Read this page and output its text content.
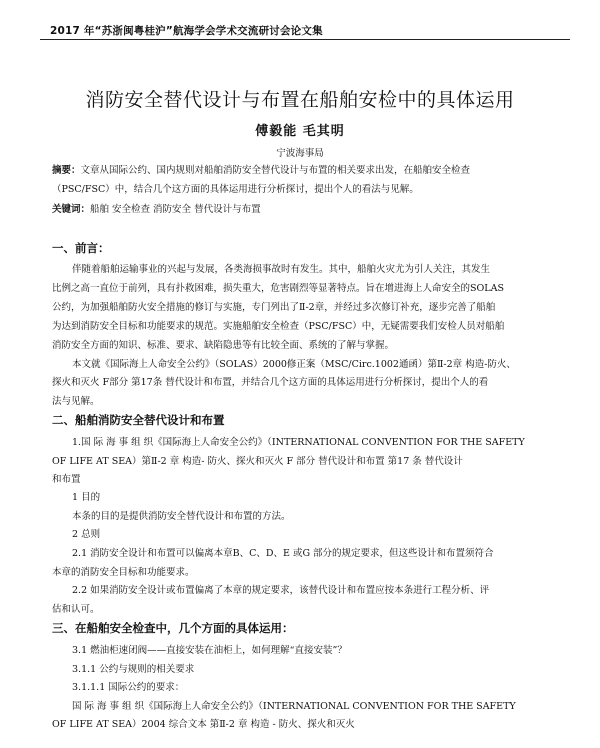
2017 年“苏浙闽粤桂沪”航海学会学术交流研讨会论文集
消防安全替代设计与布置在船舶安检中的具体运用
傅毅能 毛其明
宁波海事局
摘要：文章从国际公约、国内规则对船舶消防安全替代设计与布置的相关要求出发，在船舶安全检查
（PSC/FSC）中，结合几个这方面的具体运用进行分析探讨，提出个人的看法与见解。
关键词：船舶 安全检查 消防安全 替代设计与布置
一、前言：
伴随着船舶运输事业的兴起与发展，各类海损事故时有发生。其中，船舶火灾尤为引人关注，其发生
比例之高一直位于前列，具有扑救困难，损失重大，危害剧烈等显著特点。旨在增进海上人命安全的SOLAS
公约，为加强船舶防火安全措施的修订与实施，专门列出了Ⅱ-2章，并经过多次修订补充，逐步完善了船舶
为达到消防安全目标和功能要求的规范。实施船舶安全检查（PSC/FSC）中，无疑需要我们安检人员对船舶
消防安全方面的知识、标准、要求、缺陷隐患等有比较全面、系统的了解与掌握。
本文就《国际海上人命安全公约》（SOLAS）2000修正案（MSC/Circ.1002通函）第Ⅱ-2章 构造-防火、
探火和灭火 F部分 第17条 替代设计和布置，并结合几个这方面的具体运用进行分析探讨，提出个人的看
法与见解。
二、船舶消防安全替代设计和布置
1.国 际 海 事 组 织《国际海上人命安全公约》（INTERNATIONAL CONVENTION FOR THE SAFETY
OF LIFE AT SEA）第Ⅱ-2 章 构造- 防火、探火和灭火 F 部分 替代设计和布置 第17 条 替代设计
和布置
1 目的
本条的目的是提供消防安全替代设计和布置的方法。
2 总则
2.1 消防安全设计和布置可以偏离本章B、C、D、E 或G 部分的规定要求，但这些设计和布置须符合
本章的消防安全目标和功能要求。
2.2 如果消防安全设计或布置偏离了本章的规定要求，该替代设计和布置应按本条进行工程分析、评
估和认可。
三、在船舶安全检查中，几个方面的具体运用：
3.1 燃油柜速闭阀——直接安装在油柜上，如何理解“直接安装”？
3.1.1 公约与规则的相关要求
3.1.1.1 国际公约的要求：
国 际 海 事 组 织《国际海上人命安全公约》（INTERNATIONAL CONVENTION FOR THE SAFETY
OF LIFE AT SEA）2004 综合文本 第Ⅱ-2 章 构造 - 防火、探火和灭火
